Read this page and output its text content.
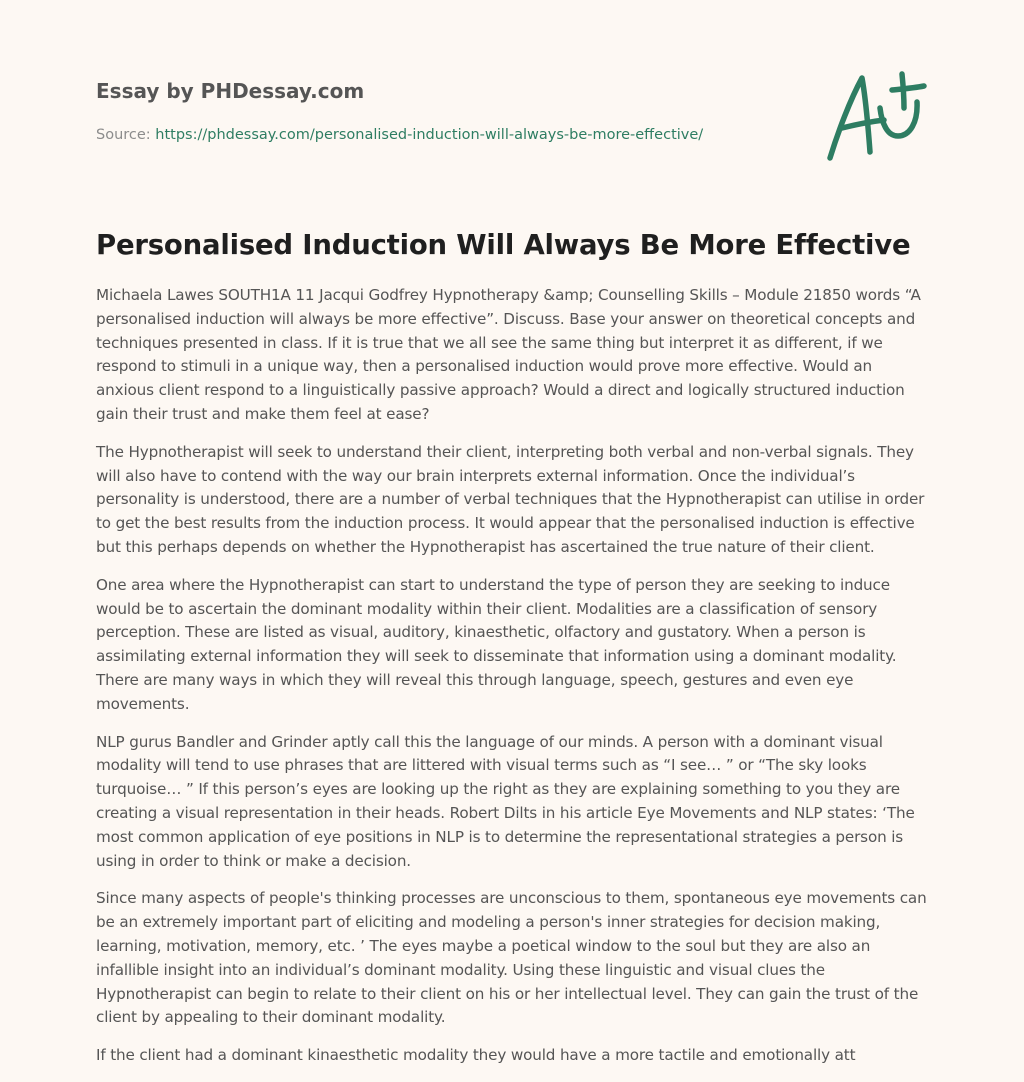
Essay by PHDessay.com
Source: https://phdessay.com/personalised-induction-will-always-be-more-effective/
Personalised Induction Will Always Be More Effective

Michaela Lawes SOUTH1A 11 Jacqui Godfrey Hypnotherapy &amp; Counselling Skills – Module 21850 words “A personalised induction will always be more effective”. Discuss. Base your answer on theoretical concepts and techniques presented in class. If it is true that we all see the same thing but interpret it as different, if we respond to stimuli in a unique way, then a personalised induction would prove more effective. Would an anxious client respond to a linguistically passive approach? Would a direct and logically structured induction gain their trust and make them feel at ease?

The Hypnotherapist will seek to understand their client, interpreting both verbal and non-verbal signals. They will also have to contend with the way our brain interprets external information. Once the individual’s personality is understood, there are a number of verbal techniques that the Hypnotherapist can utilise in order to get the best results from the induction process. It would appear that the personalised induction is effective but this perhaps depends on whether the Hypnotherapist has ascertained the true nature of their client.

One area where the Hypnotherapist can start to understand the type of person they are seeking to induce would be to ascertain the dominant modality within their client. Modalities are a classification of sensory perception. These are listed as visual, auditory, kinaesthetic, olfactory and gustatory. When a person is assimilating external information they will seek to disseminate that information using a dominant modality. There are many ways in which they will reveal this through language, speech, gestures and even eye movements.

NLP gurus Bandler and Grinder aptly call this the language of our minds. A person with a dominant visual modality will tend to use phrases that are littered with visual terms such as “I see… ” or “The sky looks turquoise… ” If this person’s eyes are looking up the right as they are explaining something to you they are creating a visual representation in their heads. Robert Dilts in his article Eye Movements and NLP states: ‘The most common application of eye positions in NLP is to determine the representational strategies a person is using in order to think or make a decision.

Since many aspects of people's thinking processes are unconscious to them, spontaneous eye movements can be an extremely important part of eliciting and modeling a person's inner strategies for decision making, learning, motivation, memory, etc. ’ The eyes maybe a poetical window to the soul but they are also an infallible insight into an individual’s dominant modality. Using these linguistic and visual clues the Hypnotherapist can begin to relate to their client on his or her intellectual level. They can gain the trust of the client by appealing to their dominant modality.

If the client had a dominant kinaesthetic modality they would have a more tactile and emotionally att
